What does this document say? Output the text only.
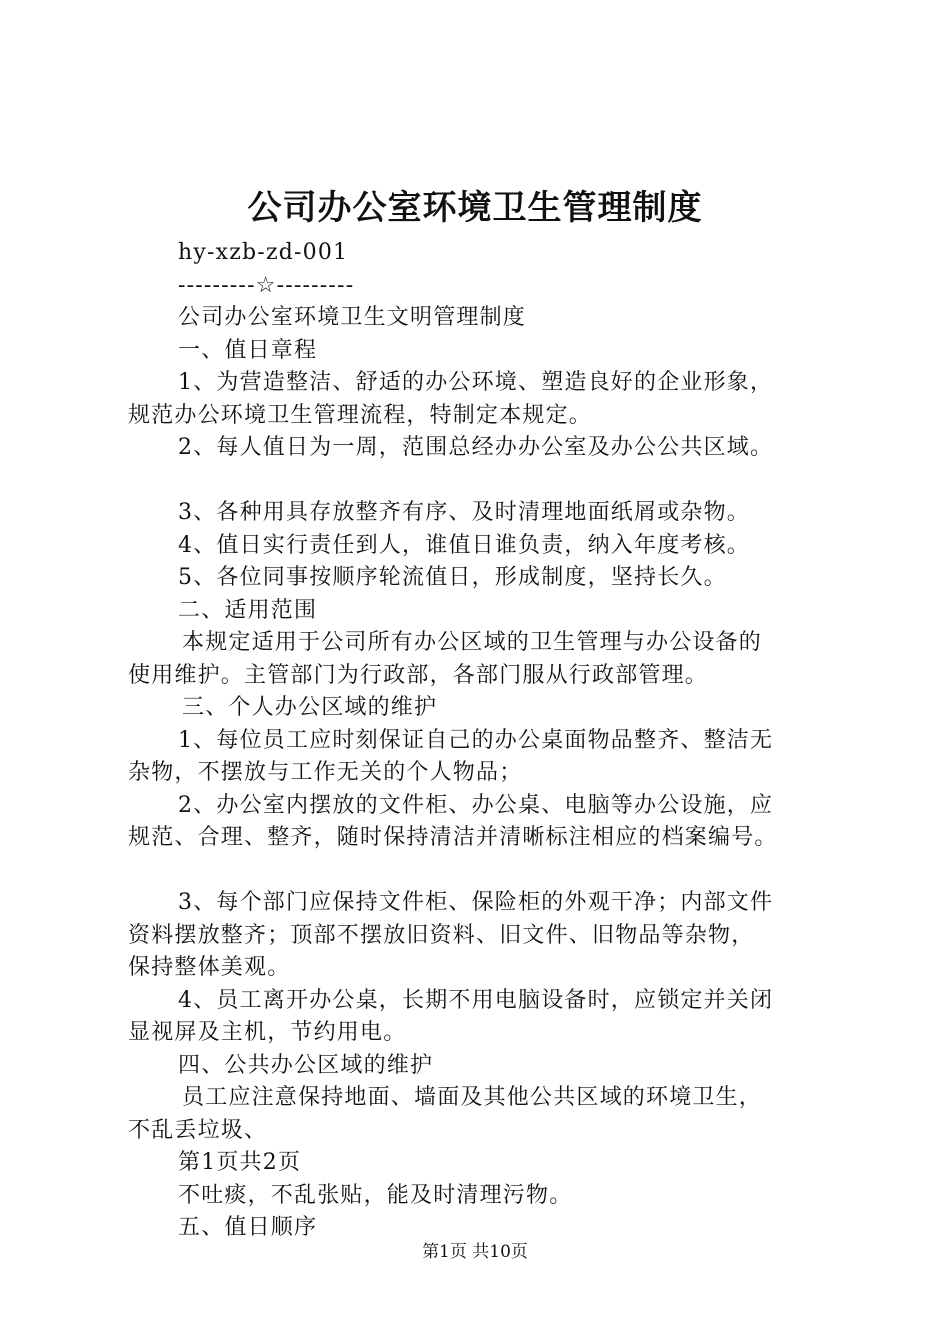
公司办公室环境卫生管理制度
hy-xzb-zd-001
---------☆---------
公司办公室环境卫生文明管理制度
一、值日章程
1、为营造整洁、舒适的办公环境、塑造良好的企业形象，
规范办公环境卫生管理流程，特制定本规定。
2、每人值日为一周，范围总经办办公室及办公公共区域。
3、各种用具存放整齐有序、及时清理地面纸屑或杂物。
4、值日实行责任到人，谁值日谁负责，纳入年度考核。
5、各位同事按顺序轮流值日，形成制度，坚持长久。
二、适用范围
本规定适用于公司所有办公区域的卫生管理与办公设备的
使用维护。主管部门为行政部，各部门服从行政部管理。
三、个人办公区域的维护
1、每位员工应时刻保证自己的办公桌面物品整齐、整洁无
杂物，不摆放与工作无关的个人物品；
2、办公室内摆放的文件柜、办公桌、电脑等办公设施，应
规范、合理、整齐，随时保持清洁并清晰标注相应的档案编号。
3、每个部门应保持文件柜、保险柜的外观干净；内部文件
资料摆放整齐；顶部不摆放旧资料、旧文件、旧物品等杂物，
保持整体美观。
4、员工离开办公桌，长期不用电脑设备时，应锁定并关闭
显视屏及主机，节约用电。
四、公共办公区域的维护
员工应注意保持地面、墙面及其他公共区域的环境卫生，
不乱丢垃圾、
第1页共2页
不吐痰，不乱张贴，能及时清理污物。
五、值日顺序
第1页 共10页
